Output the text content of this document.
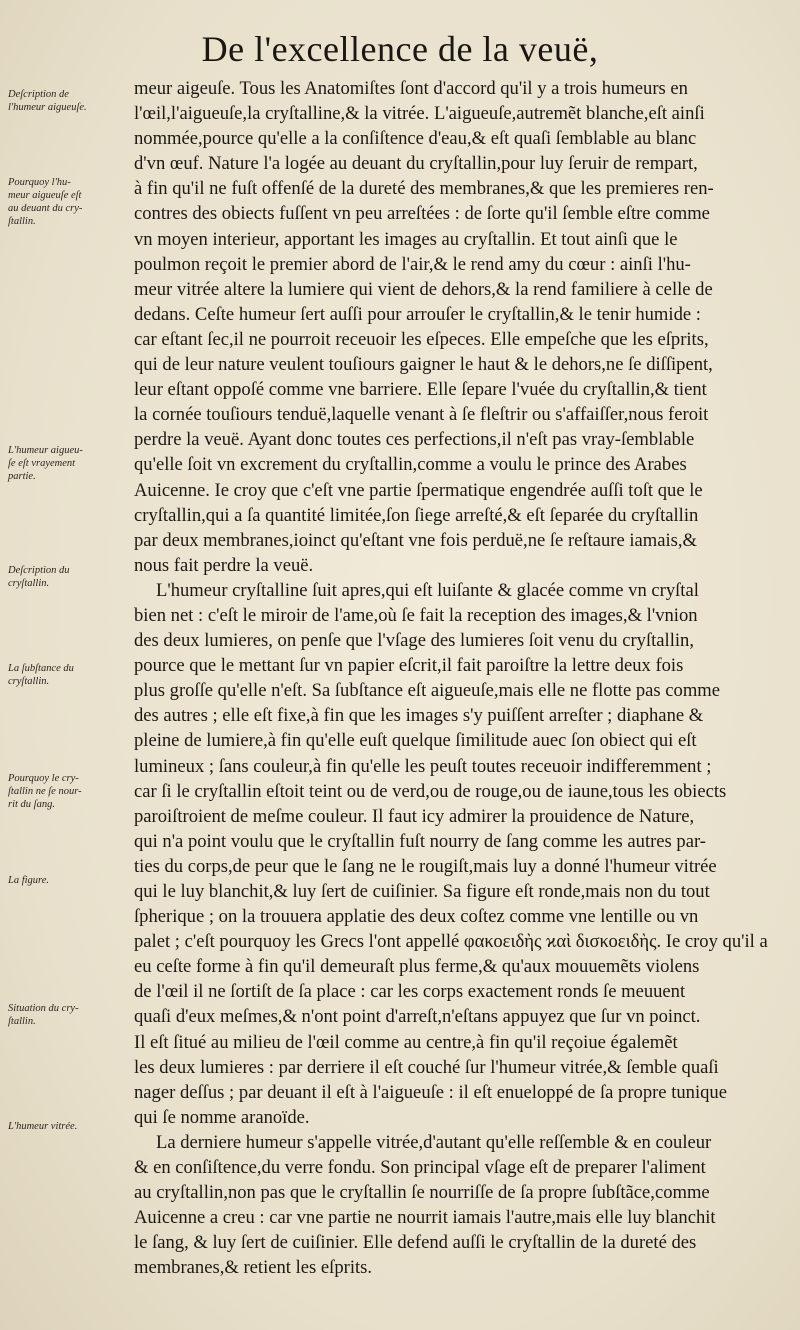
De l'excellence de la veuë,
Deſcription de
l'humeur aigueuſe.
Pourquoy l'hu-
meur aigueuſe eſt
au deuant du cry-
ſtallin.
L'humeur aigueu-
ſe eſt vrayement
partie.
Deſcription du
cryſtallin.
La ſubſtance du
cryſtallin.
Pourquoy le cry-
ſtallin ne ſe nour-
rit du ſang.
La figure.
Situation du cry-
ſtallin.
L'humeur vitrée.
meur aigeuſe. Tous les Anatomiſtes ſont d'accord qu'il y a trois humeurs en
l'œil,l'aigueuſe,la cryſtalline,& la vitrée. L'aigueuſe,autremẽt blanche,eſt ainſi
nommée,pource qu'elle a la conſiſtence d'eau,& eſt quaſi ſemblable au blanc
d'vn œuf. Nature l'a logée au deuant du cryſtallin,pour luy ſeruir de rempart,
à fin qu'il ne fuſt offenſé de la dureté des membranes,& que les premieres ren-
contres des obiects fuſſent vn peu arreſtées : de ſorte qu'il ſemble eſtre comme
vn moyen interieur, apportant les images au cryſtallin. Et tout ainſi que le
poulmon reçoit le premier abord de l'air,& le rend amy du cœur : ainſi l'hu-
meur vitrée altere la lumiere qui vient de dehors,& la rend familiere à celle de
dedans. Ceſte humeur ſert auſſi pour arrouſer le cryſtallin,& le tenir humide :
car eſtant ſec,il ne pourroit receuoir les eſpeces. Elle empeſche que les eſprits,
qui de leur nature veulent touſiours gaigner le haut & le dehors,ne ſe diſſipent,
leur eſtant oppoſé comme vne barriere. Elle ſepare l'vuée du cryſtallin,& tient
la cornée touſiours tenduë,laquelle venant à ſe fleſtrir ou s'affaiſſer,nous feroit
perdre la veuë. Ayant donc toutes ces perfections,il n'eſt pas vray-ſemblable
qu'elle ſoit vn excrement du cryſtallin,comme a voulu le prince des Arabes
Auicenne. Ie croy que c'eſt vne partie ſpermatique engendrée auſſi toſt que le
cryſtallin,qui a ſa quantité limitée,ſon ſiege arreſté,& eſt ſeparée du cryſtallin
par deux membranes,ioinct qu'eſtant vne fois perduë,ne ſe reſtaure iamais,&
nous fait perdre la veuë.
L'humeur cryſtalline ſuit apres,qui eſt luiſante & glacée comme vn cryſtal
bien net : c'eſt le miroir de l'ame,où ſe fait la reception des images,& l'vnion
des deux lumieres, on penſe que l'vſage des lumieres ſoit venu du cryſtallin,
pource que le mettant ſur vn papier eſcrit,il fait paroiſtre la lettre deux fois
plus groſſe qu'elle n'eſt. Sa ſubſtance eſt aigueuſe,mais elle ne flotte pas comme
des autres ; elle eſt fixe,à fin que les images s'y puiſſent arreſter ; diaphane &
pleine de lumiere,à fin qu'elle euſt quelque ſimilitude auec ſon obiect qui eſt
lumineux ; ſans couleur,à fin qu'elle les peuſt toutes receuoir indifferemment ;
car ſi le cryſtallin eſtoit teint ou de verd,ou de rouge,ou de iaune,tous les obiects
paroiſtroient de meſme couleur. Il faut icy admirer la prouidence de Nature,
qui n'a point voulu que le cryſtallin fuſt nourry de ſang comme les autres par-
ties du corps,de peur que le ſang ne le rougiſt,mais luy a donné l'humeur vitrée
qui le luy blanchit,& luy ſert de cuiſinier. Sa figure eſt ronde,mais non du tout
ſpherique ; on la trouuera applatie des deux coſtez comme vne lentille ou vn
palet ; c'eſt pourquoy les Grecs l'ont appellé φακοειδὴς ϰαὶ δισκοειδὴς. Ie croy qu'il a
eu ceſte forme à fin qu'il demeuraſt plus ferme,& qu'aux mouuemẽts violens
de l'œil il ne ſortiſt de ſa place : car les corps exactement ronds ſe meuuent
quaſi d'eux meſmes,& n'ont point d'arreſt,n'eſtans appuyez que ſur vn poinct.
Il eſt ſitué au milieu de l'œil comme au centre,à fin qu'il reçoiue égalemẽt
les deux lumieres : par derriere il eſt couché ſur l'humeur vitrée,& ſemble quaſi
nager deſſus ; par deuant il eſt à l'aigueuſe : il eſt enueloppé de ſa propre tunique
qui ſe nomme aranoïde.
La derniere humeur s'appelle vitrée,d'autant qu'elle reſſemble & en couleur
& en conſiſtence,du verre fondu. Son principal vſage eſt de preparer l'aliment
au cryſtallin,non pas que le cryſtallin ſe nourriſſe de ſa propre ſubſtãce,comme
Auicenne a creu : car vne partie ne nourrit iamais l'autre,mais elle luy blanchit
le ſang, & luy ſert de cuiſinier. Elle defend auſſi le cryſtallin de la dureté des
membranes,& retient les eſprits.
